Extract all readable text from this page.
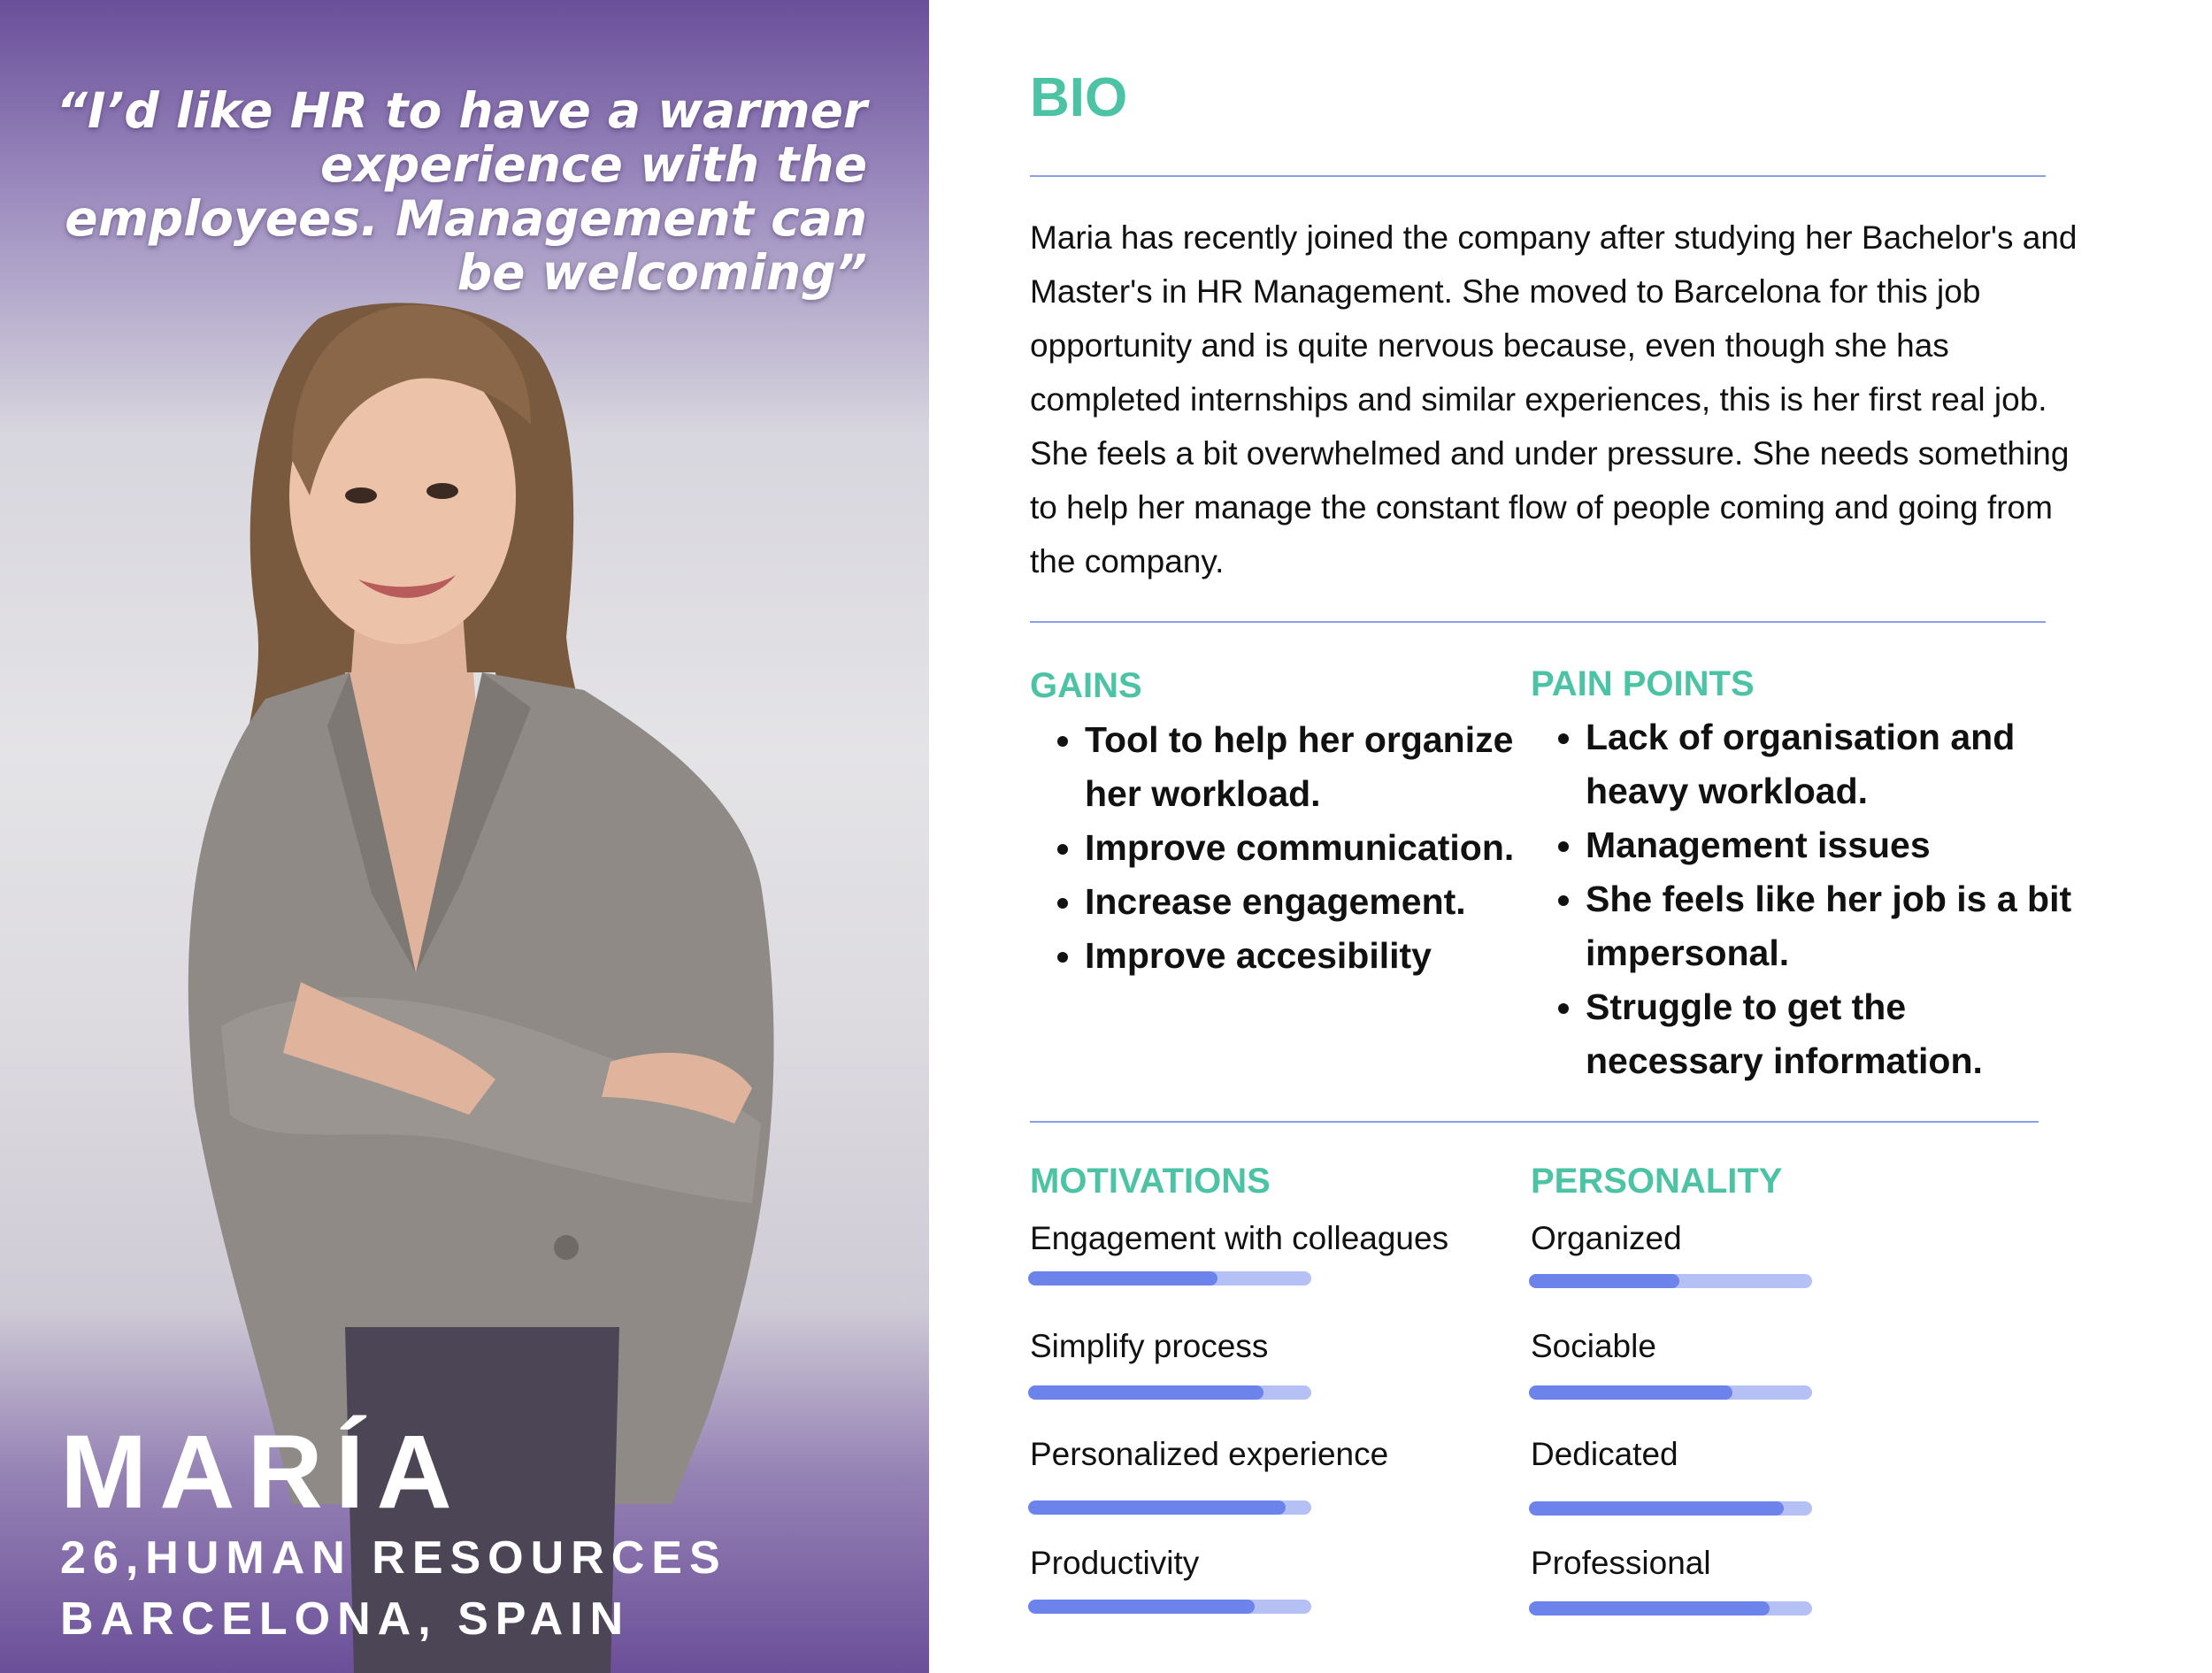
“I’d like HR to have a warmer experience with the employees. Management can be welcoming”

MARÍA

26,HUMAN RESOURCES

BARCELONA, SPAIN

BIO

Maria has recently joined the company after studying her Bachelor's and Master's in HR Management. She moved to Barcelona for this job opportunity and is quite nervous because, even though she has completed internships and similar experiences, this is her first real job. She feels a bit overwhelmed and under pressure. She needs something to help her manage the constant flow of people coming and going from the company.

GAINS
• Tool to help her organize her workload.
• Improve communication.
• Increase engagement.
• Improve accesibility
PAIN POINTS
• Lack of organisation and heavy workload.
• Management issues
• She feels like her job is a bit impersonal.
• Struggle to get the necessary information.
MOTIVATIONS

Engagement with colleagues

Simplify process

Personalized experience

Productivity

PERSONALITY

Organized

Sociable

Dedicated

Professional
